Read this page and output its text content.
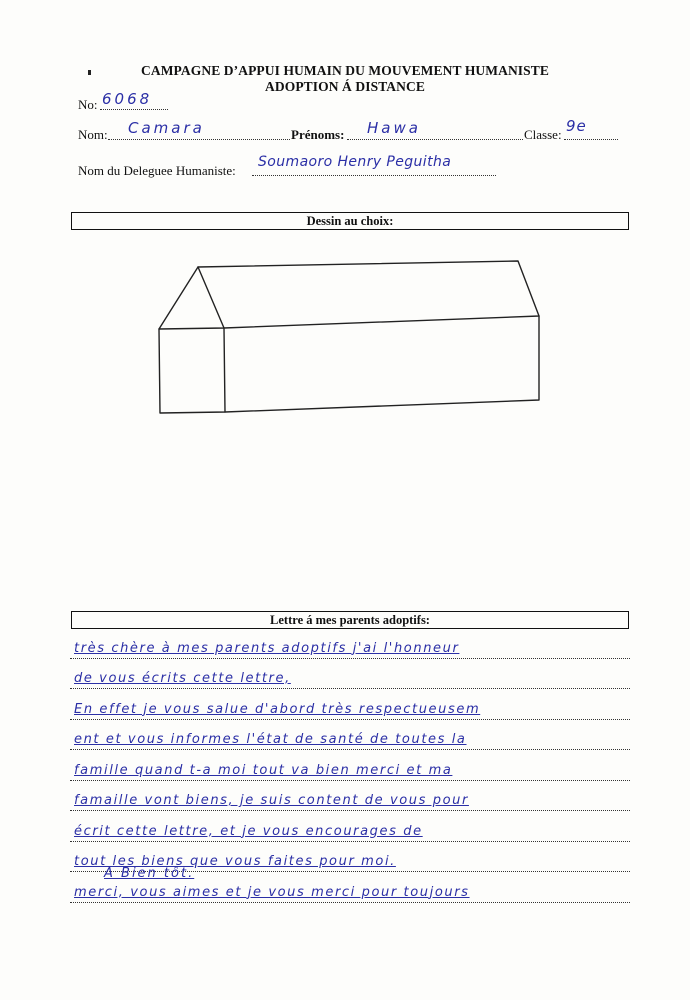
CAMPAGNE D’APPUI HUMAIN DU MOUVEMENT HUMANISTE
ADOPTION Á DISTANCE
No: 6068
Nom: Camara	Prénoms: Hawa	Classe: 9e
Nom du Deleguee Humaniste:
Soumaoro Henry Peguitha
Dessin au choix:
Lettre á mes parents adoptifs:
très chère à mes parents adoptifs j'ai l'honneur
de vous écrits cette lettre,
En effet je vous salue d'abord très respectueusem
ent et vous informes l'état de santé de toutes la
famille quand t-a moi tout va bien merci et ma
famaille vont biens, je suis content de vous pour
écrit cette lettre, et je vous encourages de
tout les biens que vous faites pour moi.
merci, vous aimes et je vous merci pour toujours
A Bien tôt.
